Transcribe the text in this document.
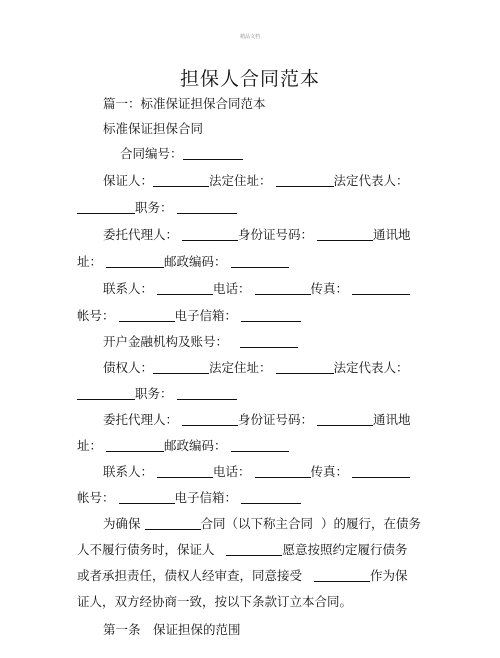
精品文档
担保人合同范本
篇一：标准保证担保合同范本
标准保证担保合同
合同编号：
保证人：	法定住址：	法定代表人：
职务：
委托代理人：	身份证号码：	通讯地
址：	邮政编码：
联系人：	电话：	传真：
帐号：	电子信箱：
开户金融机构及账号：
债权人：	法定住址：	法定代表人：
职务：
委托代理人：	身份证号码：	通讯地
址：	邮政编码：
联系人：	电话：	传真：
帐号：	电子信箱：
为确保	合同（以下称主合同 ）的履行，在债务
人不履行债务时，保证人	愿意按照约定履行债务
或者承担责任，债权人经审查，同意接受	作为保
证人，双方经协商一致，按以下条款订立本合同。
第一条　保证担保的范围
